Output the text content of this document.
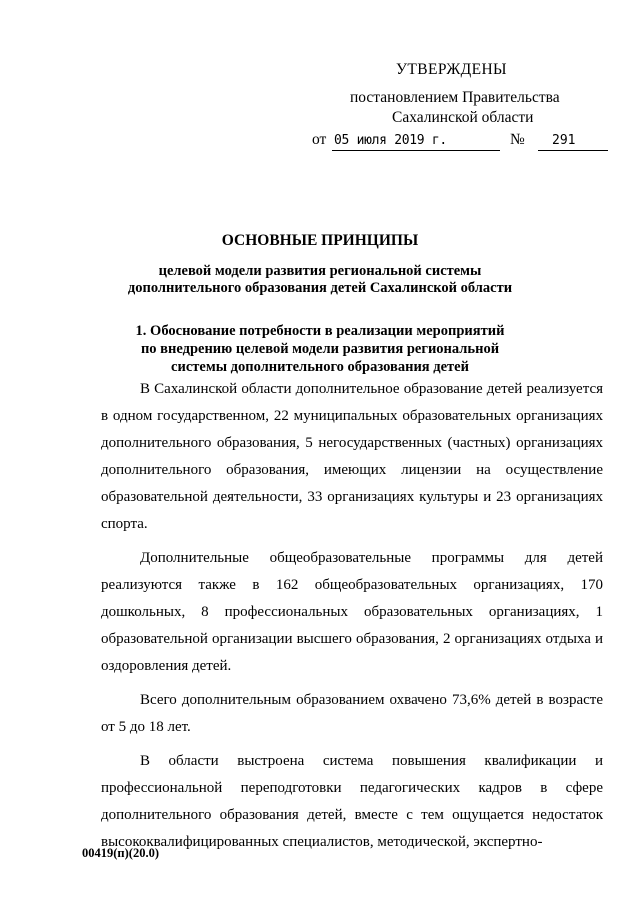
УТВЕРЖДЕНЫ
постановлением Правительства
Сахалинской области
от 05 июля 2019 г.	№ 291
ОСНОВНЫЕ ПРИНЦИПЫ
целевой модели развития региональной системы
дополнительного образования детей Сахалинской области
1. Обоснование потребности в реализации мероприятий
по внедрению целевой модели развития региональной
системы дополнительного образования детей

В Сахалинской области дополнительное образование детей реализуется в одном государственном, 22 муниципальных образовательных организациях дополнительного образования, 5 негосударственных (частных) организациях дополнительного образования, имеющих лицензии на осуществление образовательной деятельности, 33 организациях культуры и 23 организациях спорта.

Дополнительные общеобразовательные программы для детей реализуются также в 162 общеобразовательных организациях, 170 дошкольных, 8 профессиональных образовательных организациях, 1 образовательной организации высшего образования, 2 организациях отдыха и оздоровления детей.

Всего дополнительным образованием охвачено 73,6% детей в возрасте от 5 до 18 лет.

В области выстроена система повышения квалификации и профессиональной переподготовки педагогических кадров в сфере дополнительного образования детей, вместе с тем ощущается недостаток высококвалифицированных специалистов, методической, экспертно-

00419(п)(20.0)
